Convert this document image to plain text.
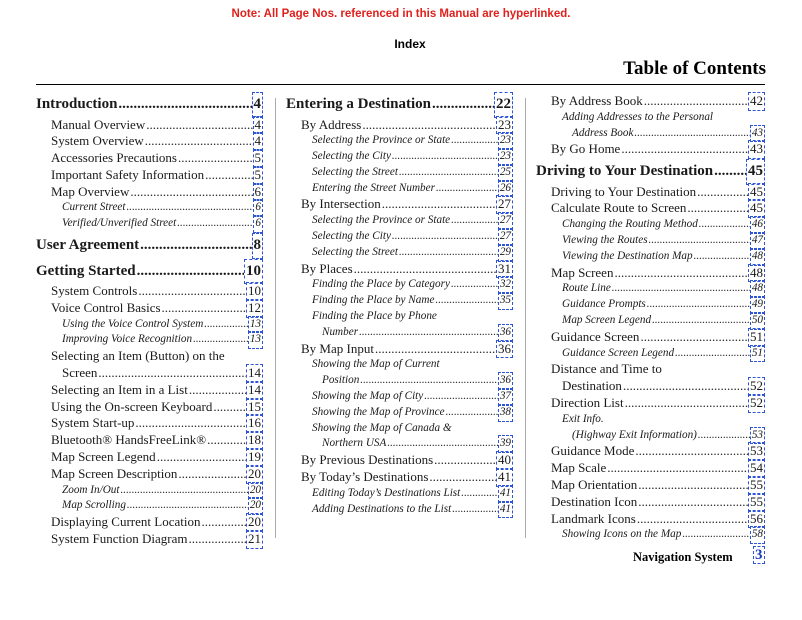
Note: All Page Nos. referenced in this Manual are hyperlinked.
Index
Table of Contents
Introduction .....	4
Manual Overview .....	4
System Overview .....	4
Accessories Precautions .....	5
Important Safety Information .....	5
Map Overview .....	6
Current Street .....	6
Verified/Unverified Street .....	6
User Agreement .....	8
Getting Started .....	10
System Controls .....	10
Voice Control Basics .....	12
Using the Voice Control System .....	13
Improving Voice Recognition .....	13
Selecting an Item (Button) on the
Screen .....	14
Selecting an Item in a List .....	14
Using the On-screen Keyboard .....	15
System Start-up .....	16
Bluetooth® HandsFreeLink® .....	18
Map Screen Legend .....	19
Map Screen Description .....	20
Zoom In/Out .....	20
Map Scrolling .....	20
Displaying Current Location .....	20
System Function Diagram .....	21
Entering a Destination .....	22
By Address .....	23
Selecting the Province or State .....	23
Selecting the City .....	23
Selecting the Street .....	25
Entering the Street Number .....	26
By Intersection .....	27
Selecting the Province or State .....	27
Selecting the City .....	27
Selecting the Street .....	29
By Places .....	31
Finding the Place by Category .....	32
Finding the Place by Name .....	35
Finding the Place by Phone
Number .....	36
By Map Input .....	36
Showing the Map of Current
Position .....	36
Showing the Map of City .....	37
Showing the Map of Province .....	38
Showing the Map of Canada &
Northern USA .....	39
By Previous Destinations .....	40
By Today’s Destinations .....	41
Editing Today’s Destinations List .....	41
Adding Destinations to the List .....	41
By Address Book .....	42
Adding Addresses to the Personal
Address Book .....	43
By Go Home .....	43
Driving to Your Destination ..... 45
Driving to Your Destination .....	45
Calculate Route to Screen .....	45
Changing the Routing Method .....	46
Viewing the Routes .....	47
Viewing the Destination Map .....	48
Map Screen .....	48
Route Line .....	48
Guidance Prompts .....	49
Map Screen Legend .....	50
Guidance Screen .....	51
Guidance Screen Legend .....	51
Distance and Time to
Destination .....	52
Direction List .....	52
Exit Info.
(Highway Exit Information) .....	53
Guidance Mode .....	53
Map Scale .....	54
Map Orientation .....	55
Destination Icon .....	55
Landmark Icons .....	56
Showing Icons on the Map .....	58
Navigation System 3
